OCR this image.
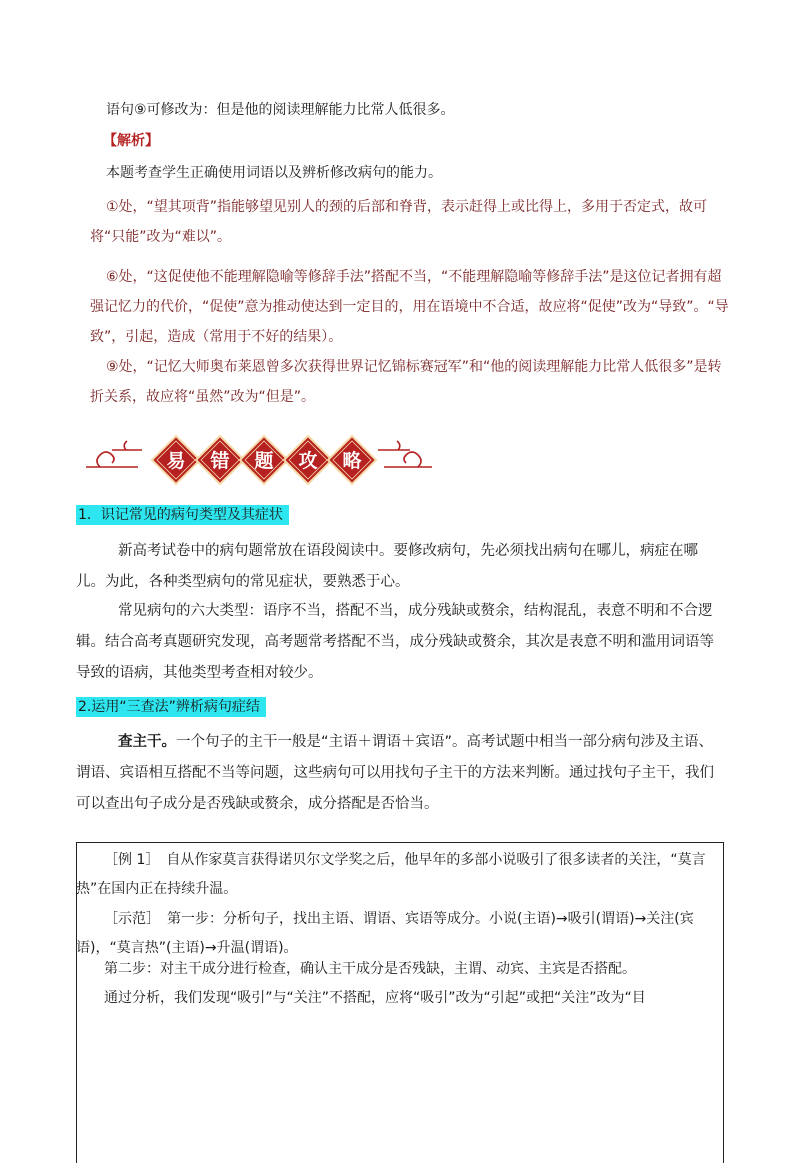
语句⑨可修改为：但是他的阅读理解能力比常人低很多。

【解析】

本题考查学生正确使用词语以及辨析修改病句的能力。

①处，“望其项背”指能够望见别人的颈的后部和脊背，表示赶得上或比得上，多用于否定式，故可将“只能”改为“难以”。

⑥处，“这促使他不能理解隐喻等修辞手法”搭配不当，“不能理解隐喻等修辞手法”是这位记者拥有超强记忆力的代价，“促使”意为推动使达到一定目的，用在语境中不合适，故应将“促使”改为“导致”。“导致”，引起，造成（常用于不好的结果）。

⑨处，“记忆大师奥布莱恩曾多次获得世界记忆锦标赛冠军”和“他的阅读理解能力比常人低很多”是转折关系，故应将“虽然”改为“但是”。

易 错 题 攻 略
1．识记常见的病句类型及其症状

新高考试卷中的病句题常放在语段阅读中。要修改病句，先必须找出病句在哪儿，病症在哪儿。为此，各种类型病句的常见症状，要熟悉于心。

常见病句的六大类型：语序不当，搭配不当，成分残缺或赘余，结构混乱，表意不明和不合逻辑。结合高考真题研究发现，高考题常考搭配不当，成分残缺或赘余，其次是表意不明和滥用词语等导致的语病，其他类型考查相对较少。

2.运用“三查法”辨析病句症结

查主干。一个句子的主干一般是“主语＋谓语＋宾语”。高考试题中相当一部分病句涉及主语、谓语、宾语相互搭配不当等问题，这些病句可以用找句子主干的方法来判断。通过找句子主干，我们可以查出句子成分是否残缺或赘余，成分搭配是否恰当。

［例 1］　自从作家莫言获得诺贝尔文学奖之后，他早年的多部小说吸引了很多读者的关注，“莫言热”在国内正在持续升温。

［示范］　第一步：分析句子，找出主语、谓语、宾语等成分。小说(主语)→吸引(谓语)→关注(宾语)，“莫言热”(主语)→升温(谓语)。

第二步：对主干成分进行检查，确认主干成分是否残缺，主谓、动宾、主宾是否搭配。

通过分析，我们发现“吸引”与“关注”不搭配，应将“吸引”改为“引起”或把“关注”改为“目
